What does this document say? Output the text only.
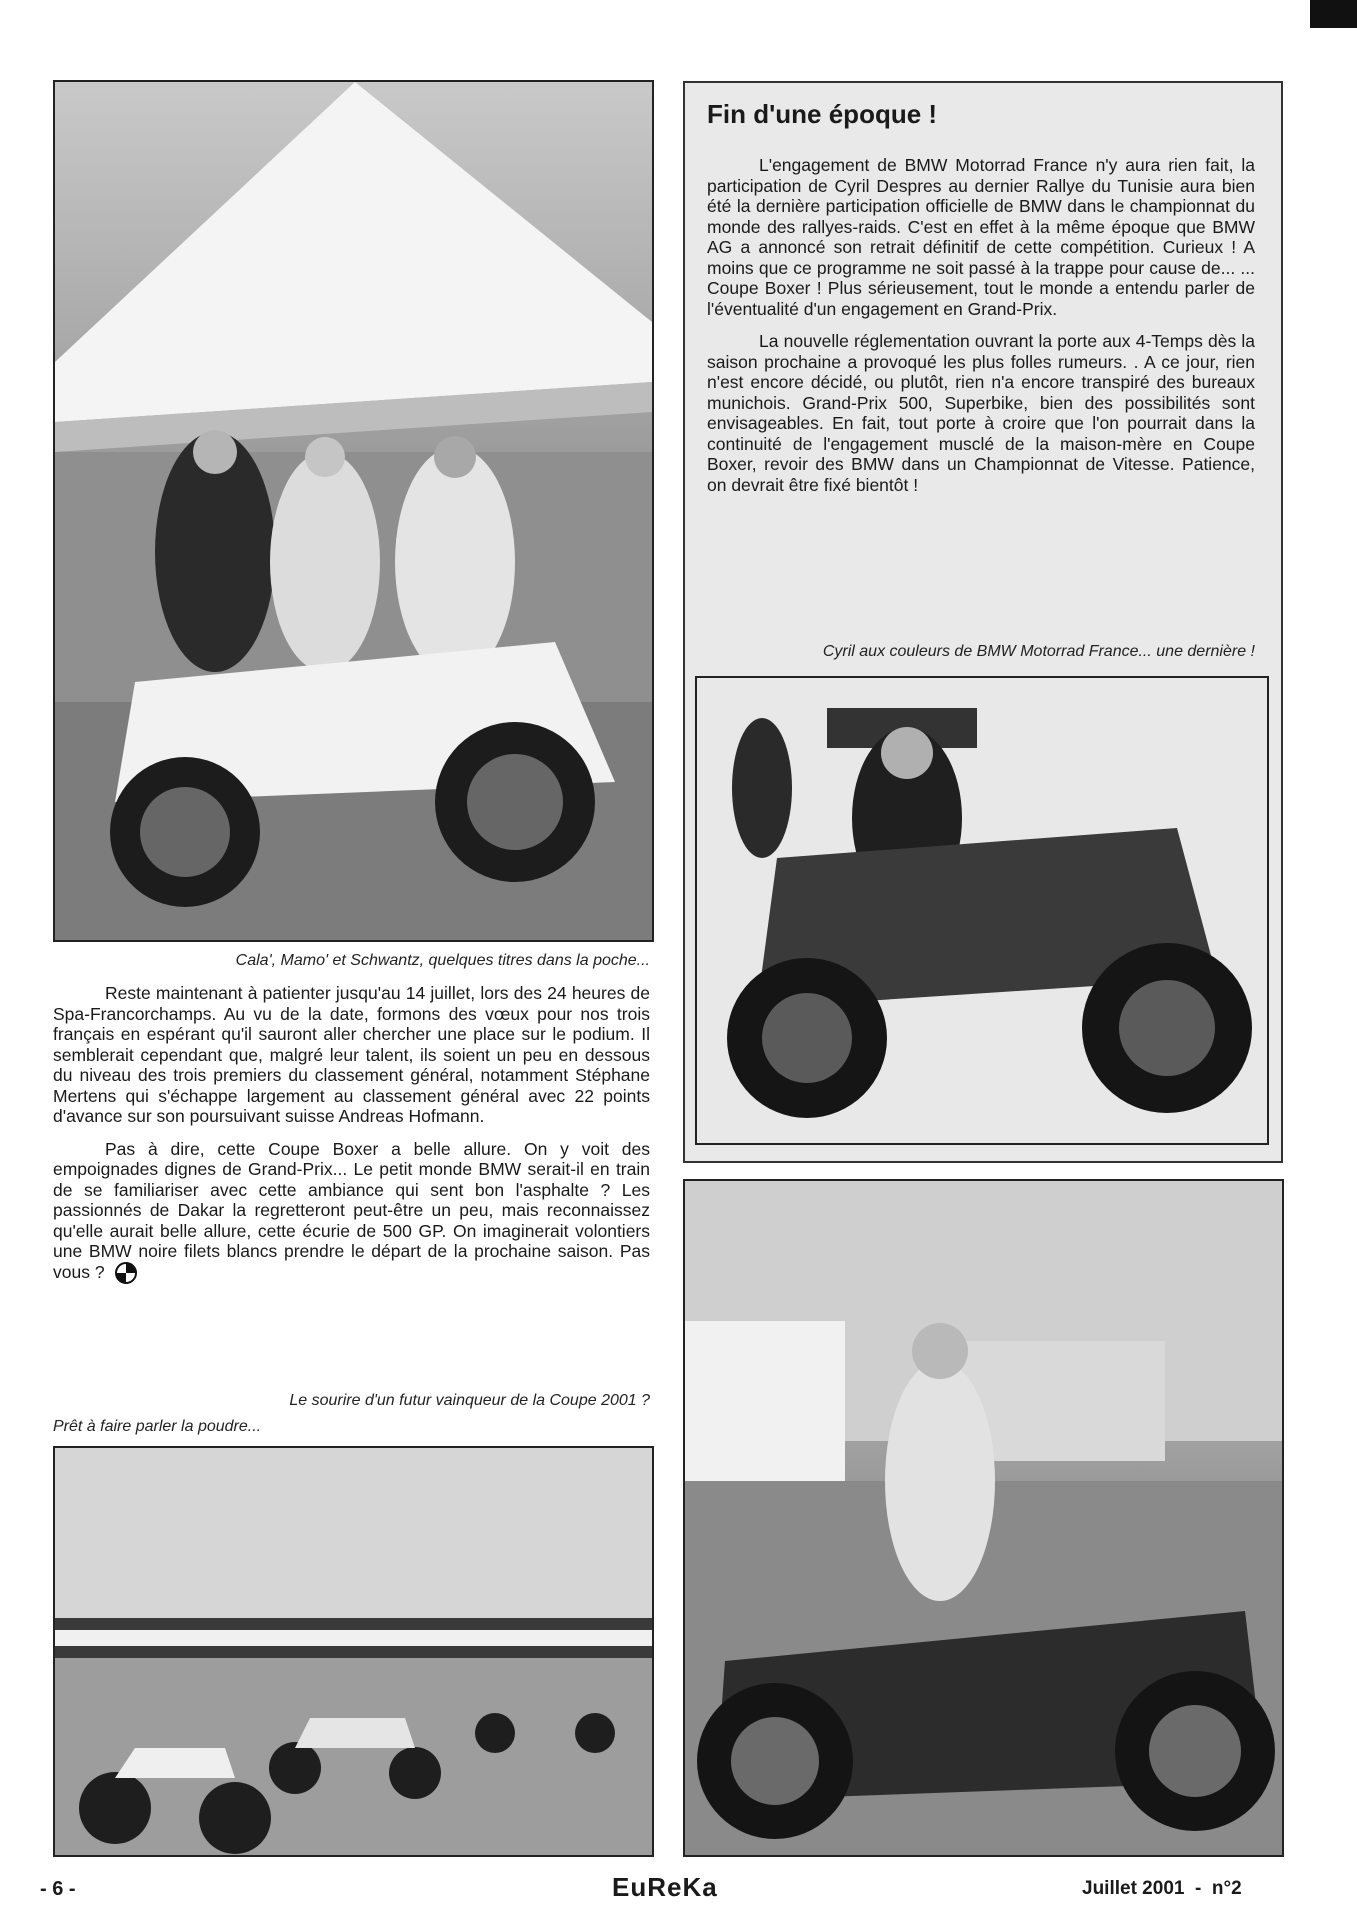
Cala', Mamo' et Schwantz, quelques titres dans la poche...

Reste maintenant à patienter jusqu'au 14 juillet, lors des 24 heures de Spa-Francorchamps. Au vu de la date, formons des vœux pour nos trois français en espérant qu'il sauront aller chercher une place sur le podium. Il semblerait cependant que, malgré leur talent, ils soient un peu en dessous du niveau des trois premiers du classement général, notamment Stéphane Mertens qui s'échappe largement au classement général avec 22 points d'avance sur son poursuivant suisse Andreas Hofmann.

Pas à dire, cette Coupe Boxer a belle allure. On y voit des empoignades dignes de Grand-Prix... Le petit monde BMW serait-il en train de se familiariser avec cette ambiance qui sent bon l'asphalte ? Les passionnés de Dakar la regretteront peut-être un peu, mais reconnaissez qu'elle aurait belle allure, cette écurie de 500 GP. On imaginerait volontiers une BMW noire filets blancs prendre le départ de la prochaine saison. Pas vous ?

Le sourire d'un futur vainqueur de la Coupe 2001 ?

Prêt à faire parler la poudre...

Fin d'une époque !

L'engagement de BMW Motorrad France n'y aura rien fait, la participation de Cyril Despres au dernier Rallye du Tunisie aura bien été la dernière participation officielle de BMW dans le championnat du monde des rallyes-raids. C'est en effet à la même époque que BMW AG a annoncé son retrait définitif de cette compétition. Curieux ! A moins que ce programme ne soit passé à la trappe pour cause de... ... Coupe Boxer ! Plus sérieusement, tout le monde a entendu parler de l'éventualité d'un engagement en Grand-Prix.

La nouvelle réglementation ouvrant la porte aux 4-Temps dès la saison prochaine a provoqué les plus folles rumeurs. . A ce jour, rien n'est encore décidé, ou plutôt, rien n'a encore transpiré des bureaux munichois. Grand-Prix 500, Superbike, bien des possibilités sont envisageables. En fait, tout porte à croire que l'on pourrait dans la continuité de l'engagement musclé de la maison-mère en Coupe Boxer, revoir des BMW dans un Championnat de Vitesse. Patience, on devrait être fixé bientôt !

Cyril aux couleurs de BMW Motorrad France... une dernière !

- 6 -	EuReKa	Juillet 2001  -  n°2
